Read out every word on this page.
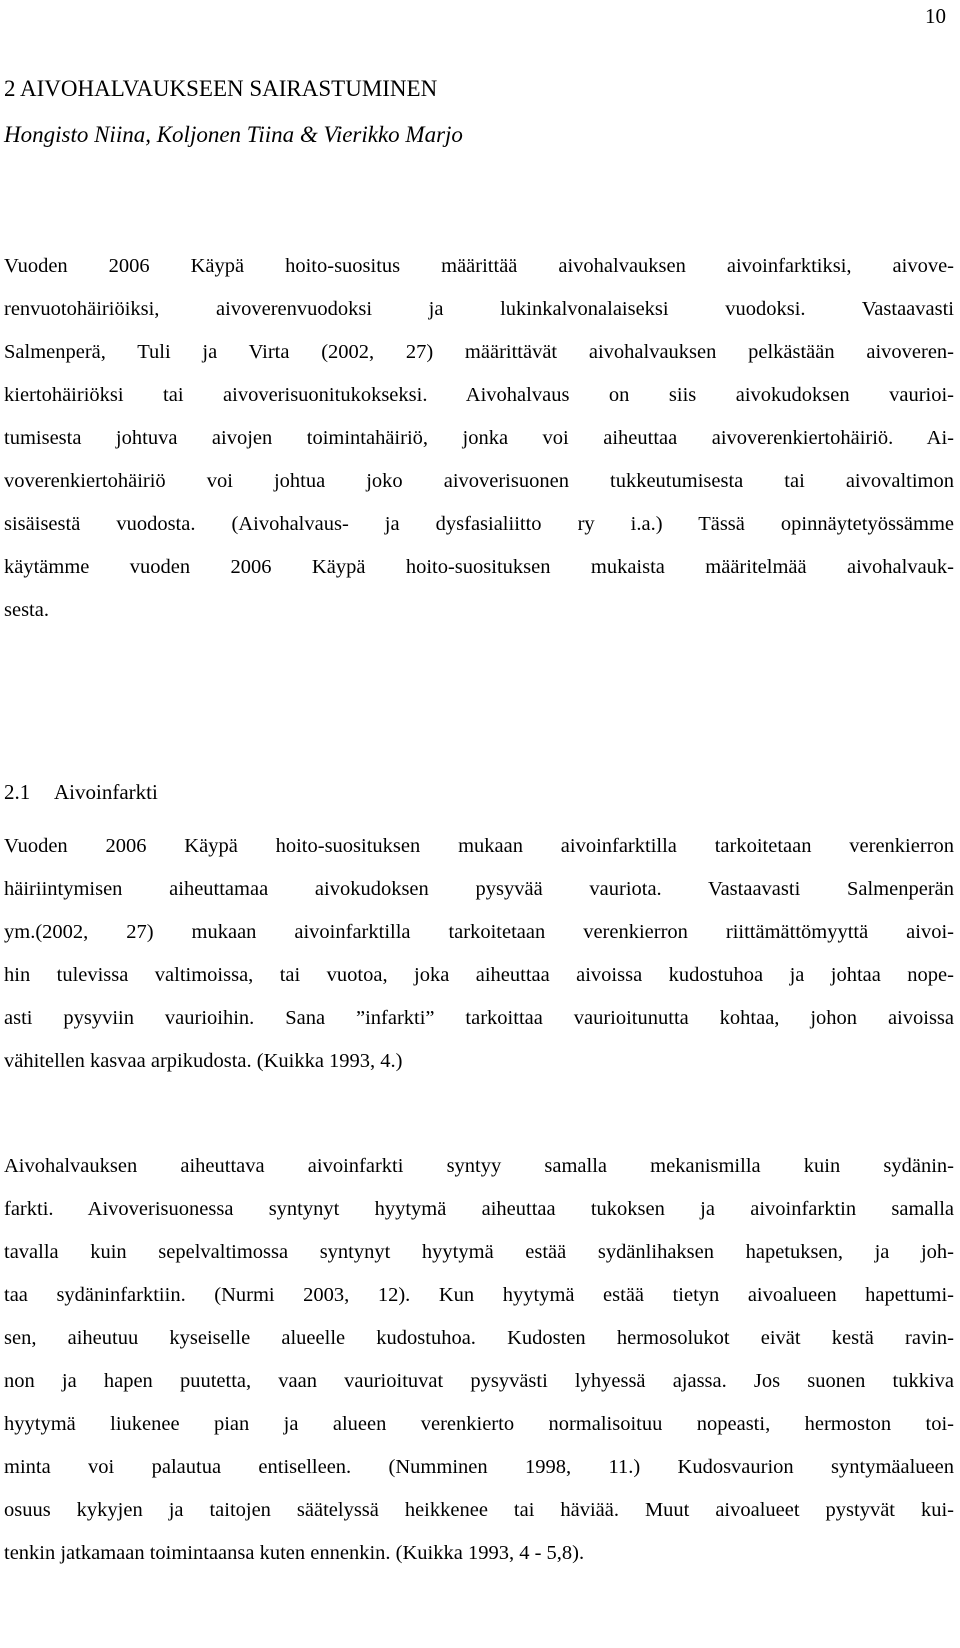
10
2 AIVOHALVAUKSEEN SAIRASTUMINEN
Hongisto Niina, Koljonen Tiina & Vierikko Marjo

Vuoden 2006 Käypä hoito-suositus määrittää aivohalvauksen aivoinfarktiksi, aivove-
renvuotohäiriöiksi, aivoverenvuodoksi ja lukinkalvonalaiseksi vuodoksi. Vastaavasti
Salmenperä, Tuli ja Virta (2002, 27) määrittävät aivohalvauksen pelkästään aivoveren-
kiertohäiriöksi tai aivoverisuonitukokseksi. Aivohalvaus on siis aivokudoksen vaurioi-
tumisesta johtuva aivojen toimintahäiriö, jonka voi aiheuttaa aivoverenkiertohäiriö. Ai-
voverenkiertohäiriö voi johtua joko aivoverisuonen tukkeutumisesta tai aivovaltimon
sisäisestä vuodosta. (Aivohalvaus- ja dysfasialiitto ry i.a.) Tässä opinnäytetyössämme
käytämme vuoden 2006 Käypä hoito-suosituksen mukaista määritelmää aivohalvauk-
sesta.

2.1 Aivoinfarkti

Vuoden 2006 Käypä hoito-suosituksen mukaan aivoinfarktilla tarkoitetaan verenkierron
häiriintymisen aiheuttamaa aivokudoksen pysyvää vauriota. Vastaavasti Salmenperän
ym.(2002, 27) mukaan aivoinfarktilla tarkoitetaan verenkierron riittämättömyyttä aivoi-
hin tulevissa valtimoissa, tai vuotoa, joka aiheuttaa aivoissa kudostuhoa ja johtaa nope-
asti pysyviin vaurioihin. Sana ”infarkti” tarkoittaa vaurioitunutta kohtaa, johon aivoissa
vähitellen kasvaa arpikudosta. (Kuikka 1993, 4.)

Aivohalvauksen aiheuttava aivoinfarkti syntyy samalla mekanismilla kuin sydänin-
farkti. Aivoverisuonessa syntynyt hyytymä aiheuttaa tukoksen ja aivoinfarktin samalla
tavalla kuin sepelvaltimossa syntynyt hyytymä estää sydänlihaksen hapetuksen, ja joh-
taa sydäninfarktiin. (Nurmi 2003, 12). Kun hyytymä estää tietyn aivoalueen hapettumi-
sen, aiheutuu kyseiselle alueelle kudostuhoa. Kudosten hermosolukot eivät kestä ravin-
non ja hapen puutetta, vaan vaurioituvat pysyvästi lyhyessä ajassa. Jos suonen tukkiva
hyytymä liukenee pian ja alueen verenkierto normalisoituu nopeasti, hermoston toi-
minta voi palautua entiselleen. (Numminen 1998, 11.) Kudosvaurion syntymäalueen
osuus kykyjen ja taitojen säätelyssä heikkenee tai häviää. Muut aivoalueet pystyvät kui-
tenkin jatkamaan toimintaansa kuten ennenkin. (Kuikka 1993, 4 - 5,8).
